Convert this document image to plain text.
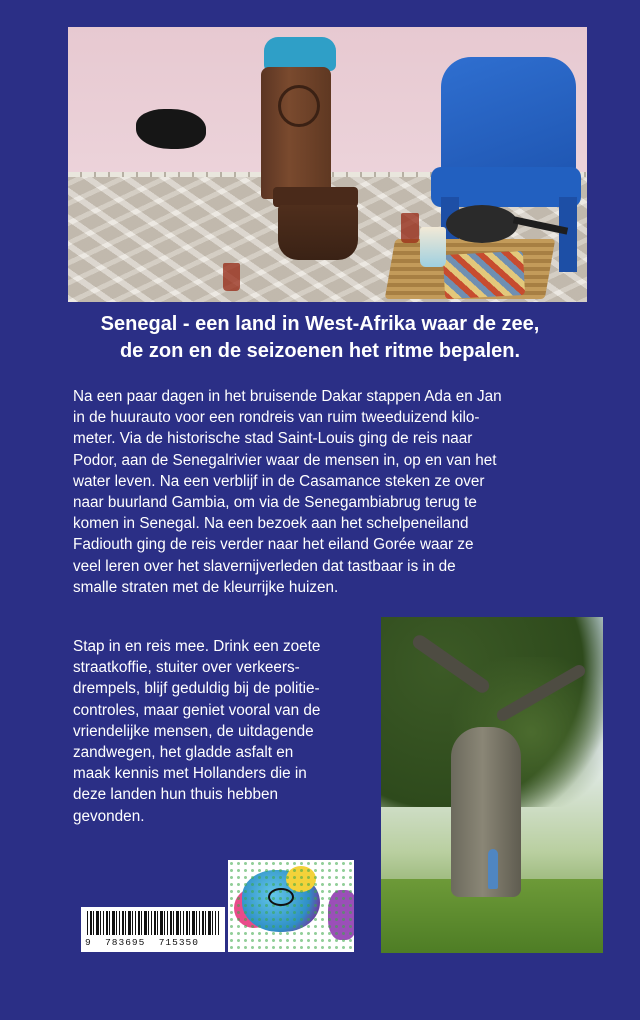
Senegal - een land in West-Afrika waar de zee,
de zon en de seizoenen het ritme bepalen.

Na een paar dagen in het bruisende Dakar stappen Ada en Jan
in de huurauto voor een rondreis van ruim tweeduizend kilo-
meter. Via de historische stad Saint-Louis ging de reis naar
Podor, aan de Senegalrivier waar de mensen in, op en van het
water leven. Na een verblijf in de Casamance steken ze over
naar buurland Gambia, om via de Senegambiabrug terug te
komen in Senegal. Na een bezoek aan het schelpeneiland
Fadiouth ging de reis verder naar het eiland Gorée waar ze
veel leren over het slavernijverleden dat tastbaar is in de
smalle straten met de kleurrijke huizen.

Stap in en reis mee. Drink een zoete
straatkoffie, stuiter over verkeers-
drempels, blijf geduldig bij de politie-
controles, maar geniet vooral van de
vriendelijke mensen, de uitdagende
zandwegen, het gladde asfalt en
maak kennis met Hollanders die in
deze landen hun thuis hebben
gevonden.

9  783695  715350
